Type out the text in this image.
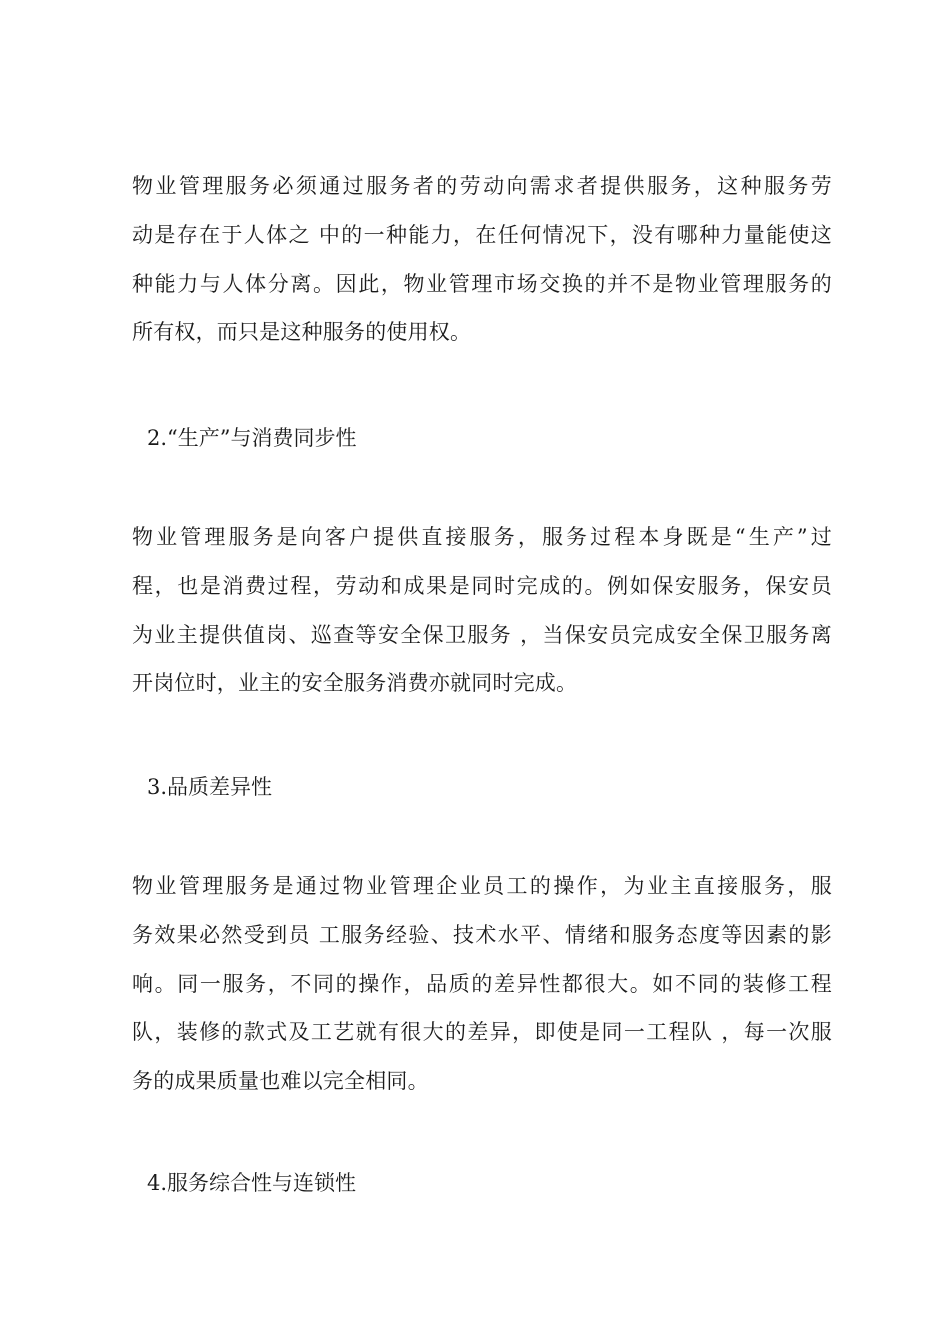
物业管理服务必须通过服务者的劳动向需求者提供服务，这种服务劳
动是存在于人体之 中的一种能力，在任何情况下，没有哪种力量能使这
种能力与人体分离。因此，物业管理市场交换的并不是物业管理服务的
所有权，而只是这种服务的使用权。
2.“生产”与消费同步性
物业管理服务是向客户提供直接服务，服务过程本身既是“生产”过
程，也是消费过程，劳动和成果是同时完成的。例如保安服务，保安员
为业主提供值岗、巡查等安全保卫服务 ，当保安员完成安全保卫服务离
开岗位时，业主的安全服务消费亦就同时完成。
3.品质差异性
物业管理服务是通过物业管理企业员工的操作，为业主直接服务，服
务效果必然受到员 工服务经验、技术水平、情绪和服务态度等因素的影
响。同一服务，不同的操作，品质的差异性都很大。如不同的装修工程
队，装修的款式及工艺就有很大的差异，即使是同一工程队 ，每一次服
务的成果质量也难以完全相同。
4.服务综合性与连锁性
